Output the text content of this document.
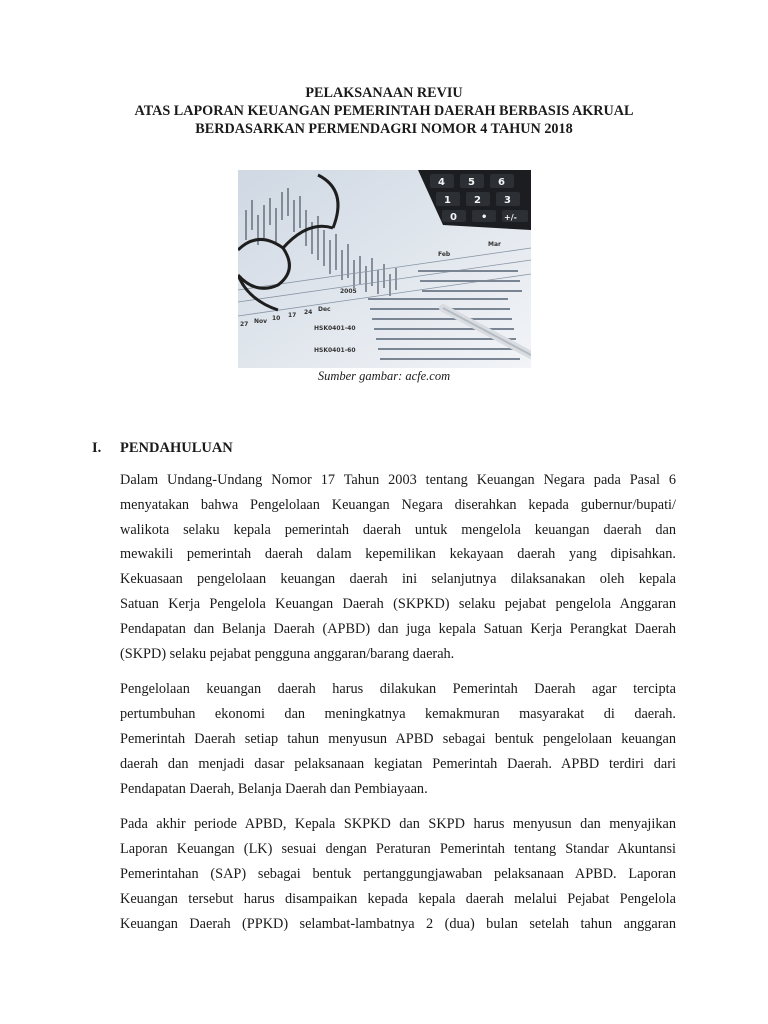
PELAKSANAAN REVIU
ATAS LAPORAN KEUANGAN PEMERINTAH DAERAH BERBASIS AKRUAL
BERDASARKAN PERMENDAGRI NOMOR 4 TAHUN 2018
27 Nov 10 17 24 Dec
2005
Feb
Mar
HSK0401-40
HSK0401-60
4 5 6
1 2 3
0 • +/-
Sumber gambar: acfe.com
I. PENDAHULUAN

Dalam Undang-Undang Nomor 17 Tahun 2003 tentang Keuangan Negara pada Pasal 6
menyatakan bahwa Pengelolaan Keuangan Negara diserahkan kepada gubernur/bupati/
walikota selaku kepala pemerintah daerah untuk mengelola keuangan daerah dan
mewakili pemerintah daerah dalam kepemilikan kekayaan daerah yang dipisahkan.
Kekuasaan pengelolaan keuangan daerah ini selanjutnya dilaksanakan oleh kepala
Satuan Kerja Pengelola Keuangan Daerah (SKPKD) selaku pejabat pengelola Anggaran
Pendapatan dan Belanja Daerah (APBD) dan juga kepala Satuan Kerja Perangkat Daerah
(SKPD) selaku pejabat pengguna anggaran/barang daerah.

Pengelolaan keuangan daerah harus dilakukan Pemerintah Daerah agar tercipta
pertumbuhan ekonomi dan meningkatnya kemakmuran masyarakat di daerah.
Pemerintah Daerah setiap tahun menyusun APBD sebagai bentuk pengelolaan keuangan
daerah dan menjadi dasar pelaksanaan kegiatan Pemerintah Daerah. APBD terdiri dari
Pendapatan Daerah, Belanja Daerah dan Pembiayaan.

Pada akhir periode APBD, Kepala SKPKD dan SKPD harus menyusun dan menyajikan
Laporan Keuangan (LK) sesuai dengan Peraturan Pemerintah tentang Standar Akuntansi
Pemerintahan (SAP) sebagai bentuk pertanggungjawaban pelaksanaan APBD. Laporan
Keuangan tersebut harus disampaikan kepada kepala daerah melalui Pejabat Pengelola
Keuangan Daerah (PPKD) selambat-lambatnya 2 (dua) bulan setelah tahun anggaran
